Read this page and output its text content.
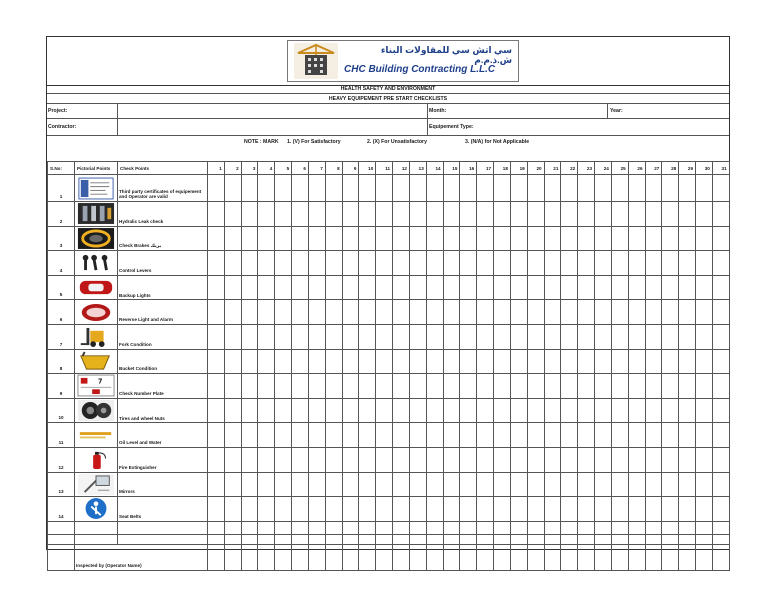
سي اتش سي للمقاولات البناء ش.ذ.م.م
CHC Building Contracting L.L.C
HEALTH SAFETY AND ENVIRONMENT
HEAVY EQUIPEMENT PRE START CHECKLISTS
Project:	Month:	Year:
Contractor:	Equipement Type:
NOTE : MARK 1. (V) For Satisfactory	2. (X) For Unsatisfactory	3. (N/A) for Not Applicable
S.No:	Pictorial Points	Check Points	1	2	3	4	5	6	7	8	9	10	11	12	13	14	15	16	17	18	19	20	21	22	23	24	25	26	27	28	29	30	31
1		Third party certificates of equipement and Operator are valid																															
2		Hydralic Leak check																															
3		Check Brakes بريك																															
4		Control Levers																															
5		Backup Lights																															
6		Reverse Light and Alarm																															
7		Fork Condition																															
8		Bucket Condition																															
9	7	Check Number Plate																															
10		Tires and wheel Nuts																															
11		Oil Level and Water																															
12		Fire Extinguisher																															
13		Mirrors																															
14		Seat Belts																															

	Inspected by (Operator Name)																																
